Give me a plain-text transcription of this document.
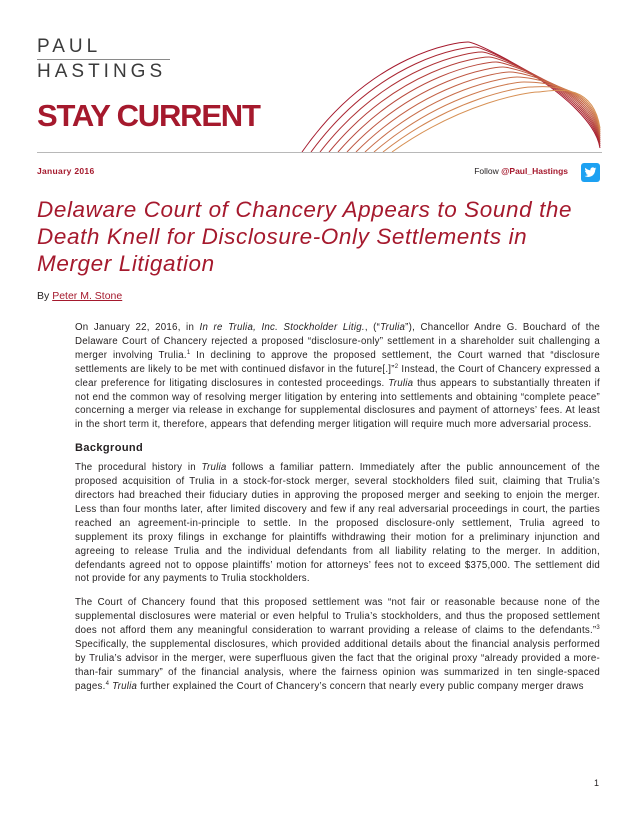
PAUL
HASTINGS
STAY CURRENT
January 2016	Follow @Paul_Hastings
Delaware Court of Chancery Appears to Sound the Death Knell for Disclosure-Only Settlements in Merger Litigation
By Peter M. Stone

On January 22, 2016, in In re Trulia, Inc. Stockholder Litig., (“Trulia”), Chancellor Andre G. Bouchard of the Delaware Court of Chancery rejected a proposed “disclosure-only” settlement in a shareholder suit challenging a merger involving Trulia.$^1$ In declining to approve the proposed settlement, the Court warned that “disclosure settlements are likely to be met with continued disfavor in the future[.]”$^2$ Instead, the Court of Chancery expressed a clear preference for litigating disclosures in contested proceedings. Trulia thus appears to substantially threaten if not end the common way of resolving merger litigation by entering into settlements and obtaining “complete peace” concerning a merger via release in exchange for supplemental disclosures and payment of attorneys’ fees. At least in the short term it, therefore, appears that defending merger litigation will require much more adversarial process.

Background

The procedural history in Trulia follows a familiar pattern. Immediately after the public announcement of the proposed acquisition of Trulia in a stock-for-stock merger, several stockholders filed suit, claiming that Trulia’s directors had breached their fiduciary duties in approving the proposed merger and seeking to enjoin the merger. Less than four months later, after limited discovery and few if any real adversarial proceedings in court, the parties reached an agreement-in-principle to settle. In the proposed disclosure-only settlement, Trulia agreed to supplement its proxy filings in exchange for plaintiffs withdrawing their motion for a preliminary injunction and agreeing to release Trulia and the individual defendants from all liability relating to the merger. In addition, defendants agreed not to oppose plaintiffs’ motion for attorneys’ fees not to exceed $375,000. The settlement did not provide for any payments to Trulia stockholders.

The Court of Chancery found that this proposed settlement was “not fair or reasonable because none of the supplemental disclosures were material or even helpful to Trulia’s stockholders, and thus the proposed settlement does not afford them any meaningful consideration to warrant providing a release of claims to the defendants.”$^3$ Specifically, the supplemental disclosures, which provided additional details about the financial analysis performed by Trulia’s advisor in the merger, were superfluous given the fact that the original proxy “already provided a more-than-fair summary” of the financial analysis, where the fairness opinion was summarized in ten single-spaced pages.$^4$ Trulia further explained the Court of Chancery’s concern that nearly every public company merger draws

1
